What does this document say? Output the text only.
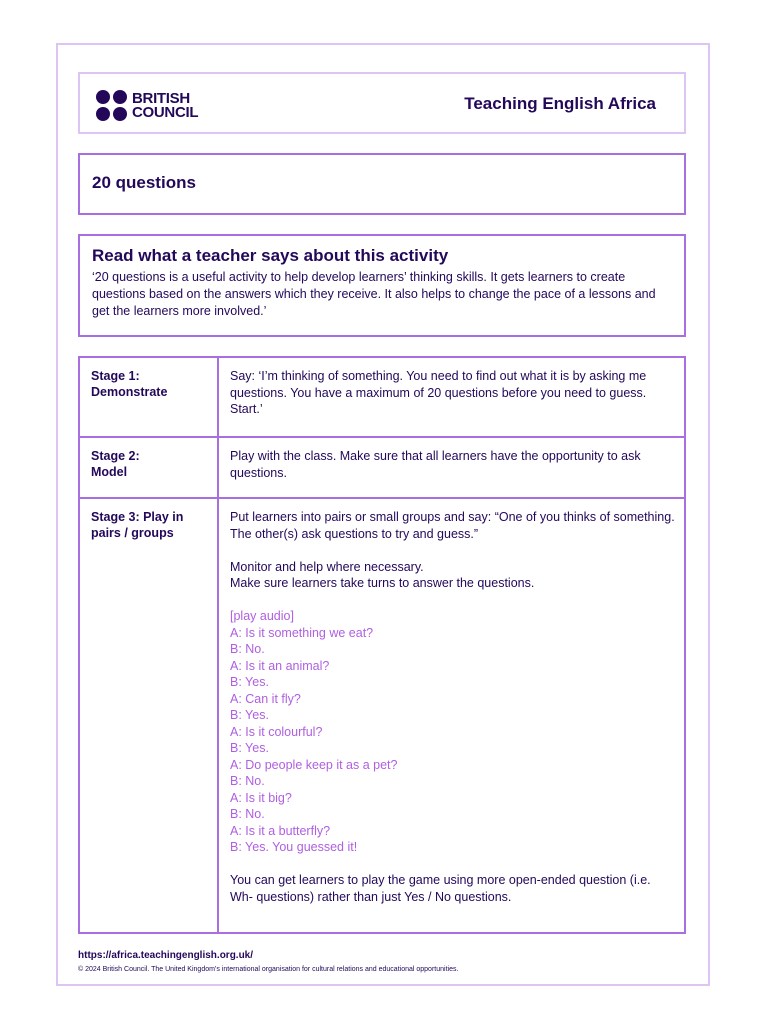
BRITISH
COUNCIL	Teaching English Africa
20 questions
Read what a teacher says about this activity

‘20 questions is a useful activity to help develop learners’ thinking skills. It gets learners to create questions based on the answers which they receive. It also helps to change the pace of a lessons and get the learners more involved.’

Stage 1:
Demonstrate

Say: ‘I’m thinking of something. You need to find out what it is by asking me questions. You have a maximum of 20 questions before you need to guess. Start.’

Stage 2:
Model

Play with the class. Make sure that all learners have the opportunity to ask questions.

Stage 3: Play in
pairs / groups

Put learners into pairs or small groups and say: “One of you thinks of something. The other(s) ask questions to try and guess.”

Monitor and help where necessary.

Make sure learners take turns to answer the questions.

[play audio]

A: Is it something we eat?

B: No.

A: Is it an animal?

B: Yes.

A: Can it fly?

B: Yes.

A: Is it colourful?

B: Yes.

A: Do people keep it as a pet?

B: No.

A: Is it big?

B: No.

A: Is it a butterfly?

B: Yes. You guessed it!

You can get learners to play the game using more open-ended question (i.e. Wh- questions) rather than just Yes / No questions.

https://africa.teachingenglish.org.uk/
© 2024 British Council. The United Kingdom’s international organisation for cultural relations and educational opportunities.
